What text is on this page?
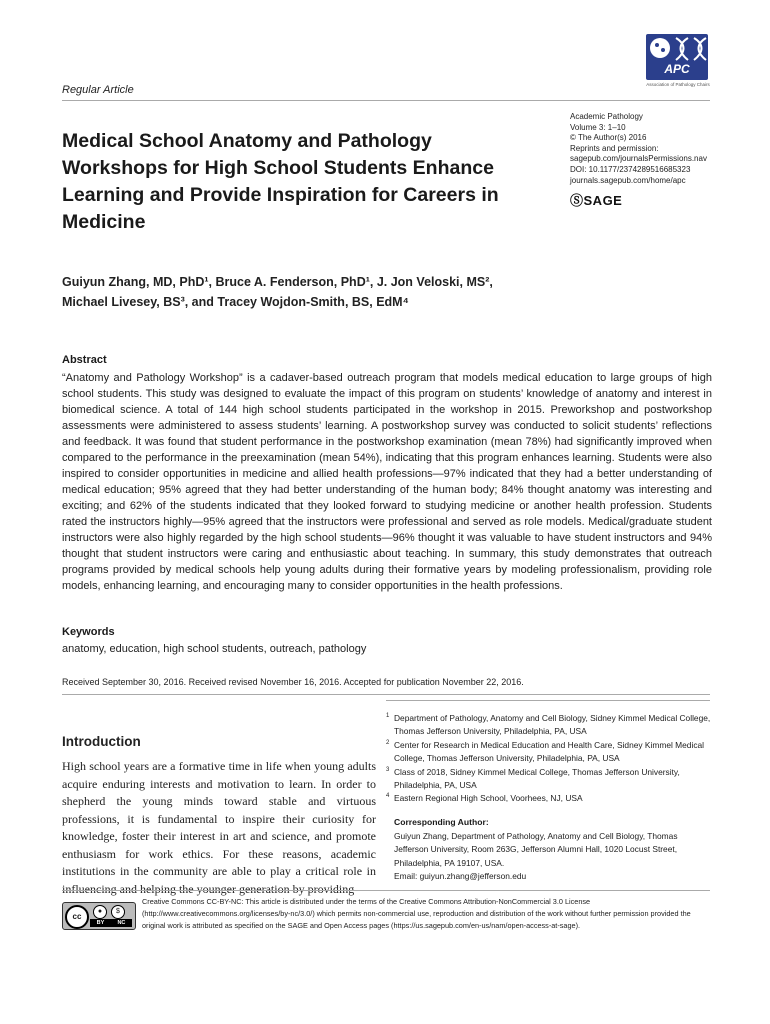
Regular Article
APC
Association of Pathology Chairs
Medical School Anatomy and Pathology Workshops for High School Students Enhance Learning and Provide Inspiration for Careers in Medicine
Academic Pathology
Volume 3: 1–10
© The Author(s) 2016
Reprints and permission:
sagepub.com/journalsPermissions.nav
DOI: 10.1177/2374289516685323
journals.sagepub.com/home/apc
ⓈSAGE
Guiyun Zhang, MD, PhD¹, Bruce A. Fenderson, PhD¹, J. Jon Veloski, MS²,
Michael Livesey, BS³, and Tracey Wojdon-Smith, BS, EdM⁴
Abstract
“Anatomy and Pathology Workshop” is a cadaver-based outreach program that models medical education to large groups of high school students. This study was designed to evaluate the impact of this program on students’ knowledge of anatomy and interest in biomedical science. A total of 144 high school students participated in the workshop in 2015. Preworkshop and postworkshop assessments were administered to assess students’ learning. A postworkshop survey was conducted to solicit students’ reflections and feedback. It was found that student performance in the postworkshop examination (mean 78%) had significantly improved when compared to the performance in the preexamination (mean 54%), indicating that this program enhances learning. Students were also inspired to consider opportunities in medicine and allied health professions—97% indicated that they had a better understanding of medical education; 95% agreed that they had better understanding of the human body; 84% thought anatomy was interesting and exciting; and 62% of the students indicated that they looked forward to studying medicine or another health profession. Students rated the instructors highly—95% agreed that the instructors were professional and served as role models. Medical/graduate student instructors were also highly regarded by the high school students—96% thought it was valuable to have student instructors and 94% thought that student instructors were caring and enthusiastic about teaching. In summary, this study demonstrates that outreach programs provided by medical schools help young adults during their formative years by modeling professionalism, providing role models, enhancing learning, and encouraging many to consider opportunities in the health professions.
Keywords
anatomy, education, high school students, outreach, pathology
Received September 30, 2016. Received revised November 16, 2016. Accepted for publication November 22, 2016.
Introduction
High school years are a formative time in life when young adults acquire enduring interests and motivation to learn. In order to shepherd the young minds toward stable and virtuous professions, it is fundamental to inspire their curiosity for knowledge, foster their interest in art and science, and promote enthusiasm for work ethics. For these reasons, academic institutions in the community are able to play a critical role in influencing and helping the younger generation by providing
1 Department of Pathology, Anatomy and Cell Biology, Sidney Kimmel Medical College, Thomas Jefferson University, Philadelphia, PA, USA
2 Center for Research in Medical Education and Health Care, Sidney Kimmel Medical College, Thomas Jefferson University, Philadelphia, PA, USA
3 Class of 2018, Sidney Kimmel Medical College, Thomas Jefferson University, Philadelphia, PA, USA
4 Eastern Regional High School, Voorhees, NJ, USA
Corresponding Author:
Guiyun Zhang, Department of Pathology, Anatomy and Cell Biology, Thomas Jefferson University, Room 263G, Jefferson Alumni Hall, 1020 Locust Street, Philadelphia, PA 19107, USA.
Email: guiyun.zhang@jefferson.edu
cc
●	$
BY NC
Creative Commons CC-BY-NC: This article is distributed under the terms of the Creative Commons Attribution-NonCommercial 3.0 License (http://www.creativecommons.org/licenses/by-nc/3.0/) which permits non-commercial use, reproduction and distribution of the work without further permission provided the original work is attributed as specified on the SAGE and Open Access pages (https://us.sagepub.com/en-us/nam/open-access-at-sage).
